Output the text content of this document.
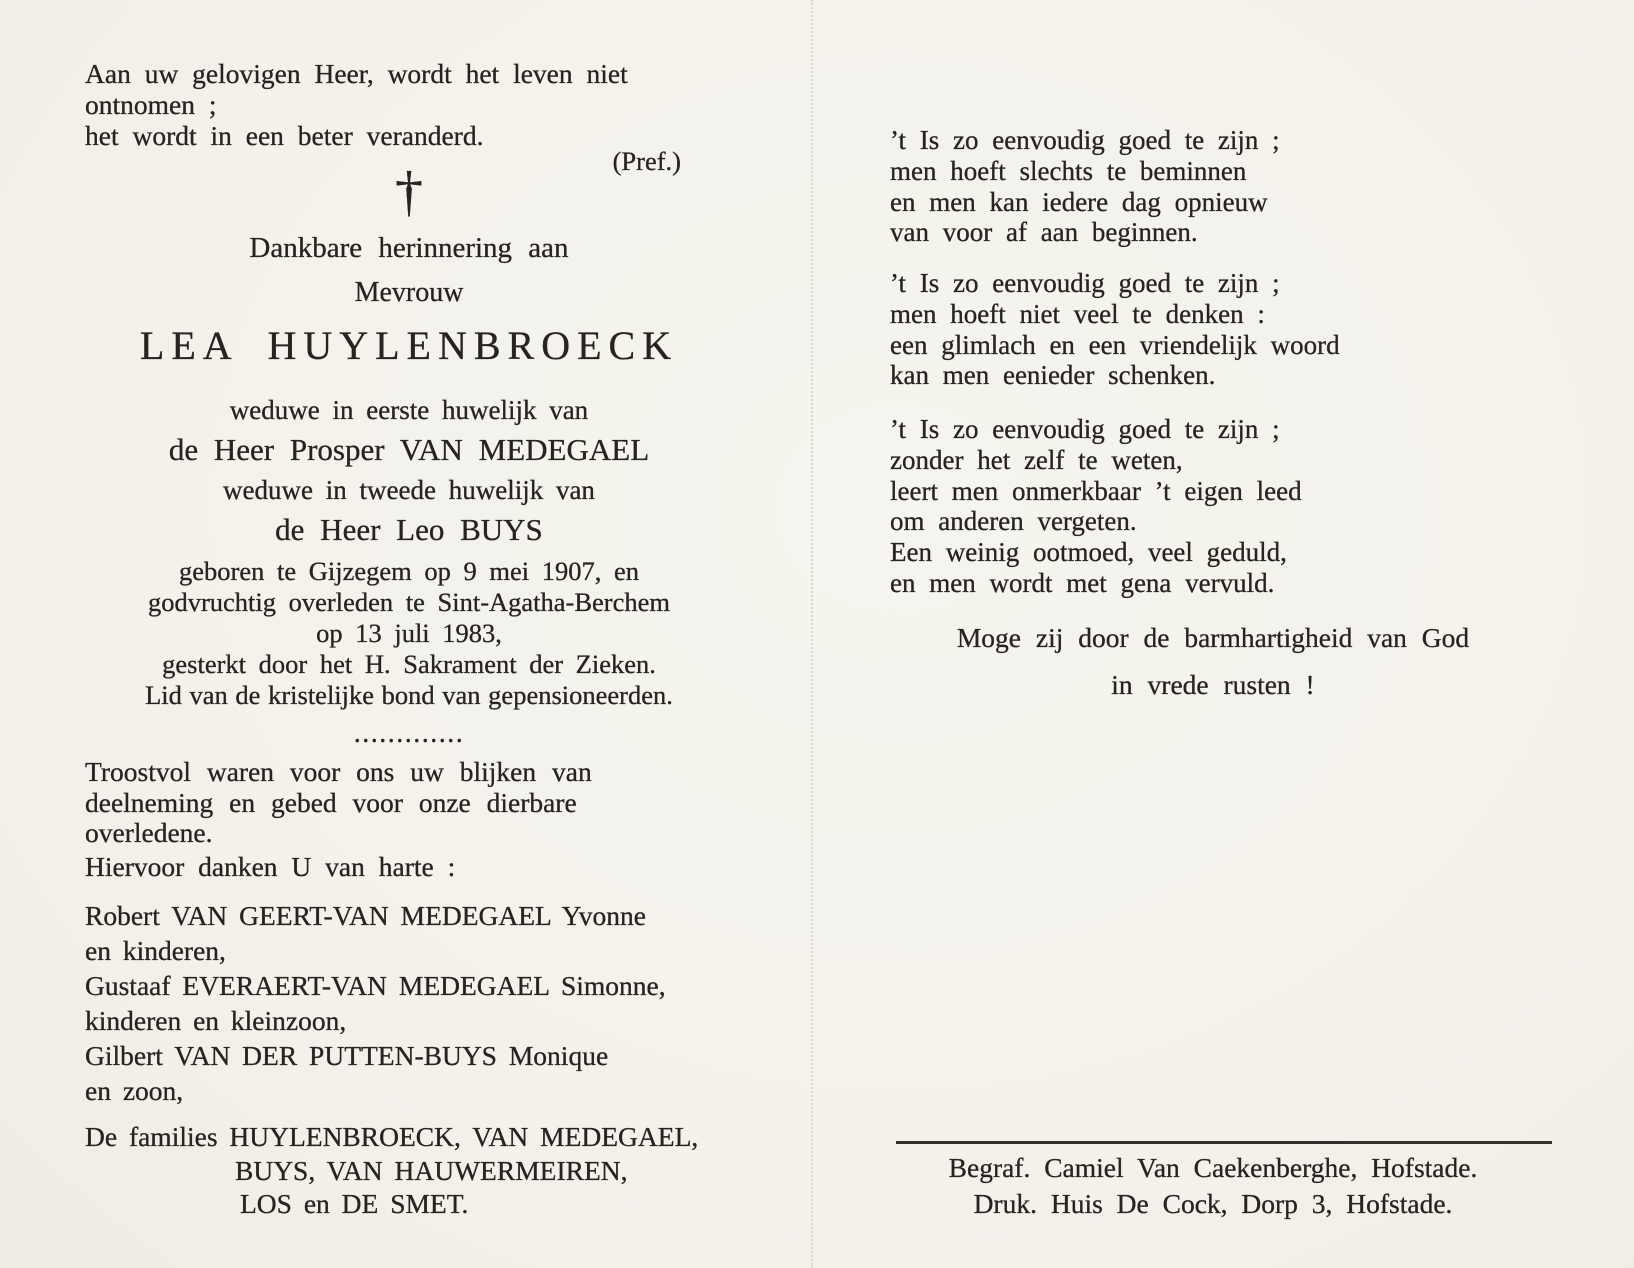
Aan uw gelovigen Heer, wordt het leven niet
ontnomen ;
het wordt in een beter veranderd.
(Pref.)
†
Dankbare herinnering aan
Mevrouw
LEA HUYLENBROECK
weduwe in eerste huwelijk van
de Heer Prosper VAN MEDEGAEL
weduwe in tweede huwelijk van
de Heer Leo BUYS
geboren te Gijzegem op 9 mei 1907, en
godvruchtig overleden te Sint-Agatha-Berchem
op 13 juli 1983,
gesterkt door het H. Sakrament der Zieken.
Lid van de kristelijke bond van gepensioneerden.
.............
Troostvol waren voor ons uw blijken van
deelneming en gebed voor onze dierbare
overledene.
Hiervoor danken U van harte :
Robert VAN GEERT-VAN MEDEGAEL Yvonne
en kinderen,
Gustaaf EVERAERT-VAN MEDEGAEL Simonne,
kinderen en kleinzoon,
Gilbert VAN DER PUTTEN-BUYS Monique
en zoon,
De families HUYLENBROECK, VAN MEDEGAEL,
BUYS, VAN HAUWERMEIREN,
LOS en DE SMET.
’t Is zo eenvoudig goed te zijn ;
men hoeft slechts te beminnen
en men kan iedere dag opnieuw
van voor af aan beginnen.
’t Is zo eenvoudig goed te zijn ;
men hoeft niet veel te denken :
een glimlach en een vriendelijk woord
kan men eenieder schenken.
’t Is zo eenvoudig goed te zijn ;
zonder het zelf te weten,
leert men onmerkbaar ’t eigen leed
om anderen vergeten.
Een weinig ootmoed, veel geduld,
en men wordt met gena vervuld.
Moge zij door de barmhartigheid van God
in vrede rusten !
Begraf. Camiel Van Caekenberghe, Hofstade.
Druk. Huis De Cock, Dorp 3, Hofstade.
